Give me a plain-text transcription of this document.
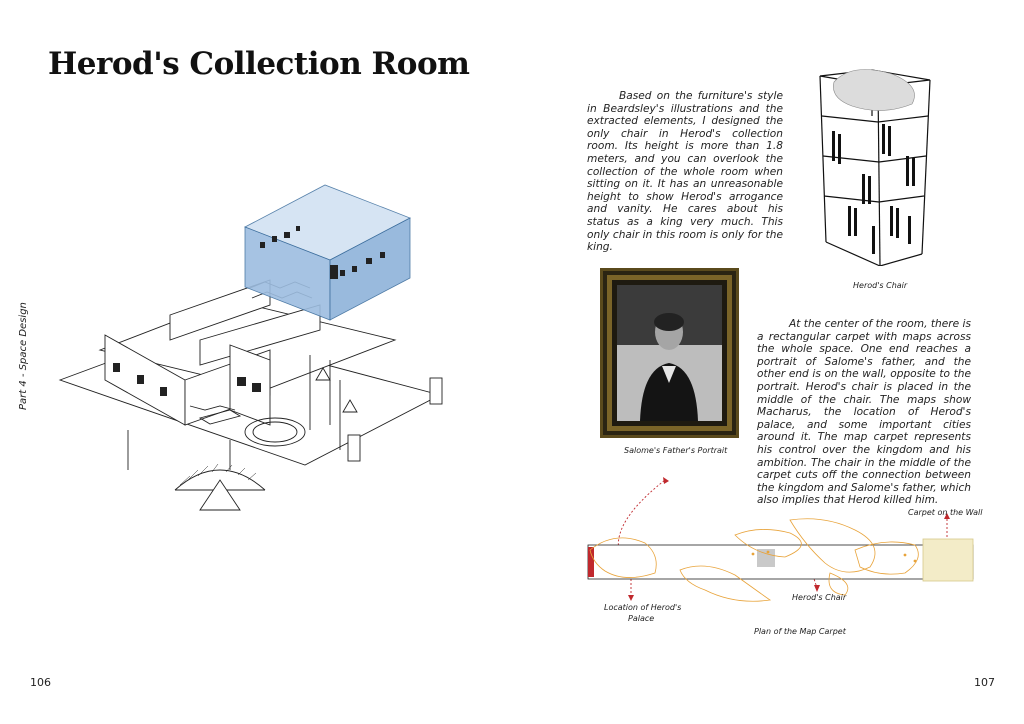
Herod's Collection Room
Part 4 - Space Design
Based on the furniture's style in Beardsley's illustrations and the extracted elements, I designed the only chair in Herod's collection room. Its height is more than 1.8 meters, and you can overlook the collection of the whole room when sitting on it. It has an unreasonable height to show Herod's arrogance and vanity. He cares about his status as a king very much. This only chair in this room is only for the king.
Herod's Chair
Salome's Father's Portrait
At the center of the room, there is a rectangular carpet with maps across the whole space. One end reaches a portrait of Salome's father, and the other end is on the wall, opposite to the portrait. Herod's chair is placed in the middle of the chair. The maps show Macharus, the location of Herod's palace, and some important cities around it. The map carpet represents his control over the kingdom and his ambition. The chair in the middle of the carpet cuts off the connection between the kingdom and Salome's father, which also implies that Herod killed him.
Carpet on the Wall
Location of Herod's
Palace
Herod's Chair
Plan of the Map Carpet
106	107
